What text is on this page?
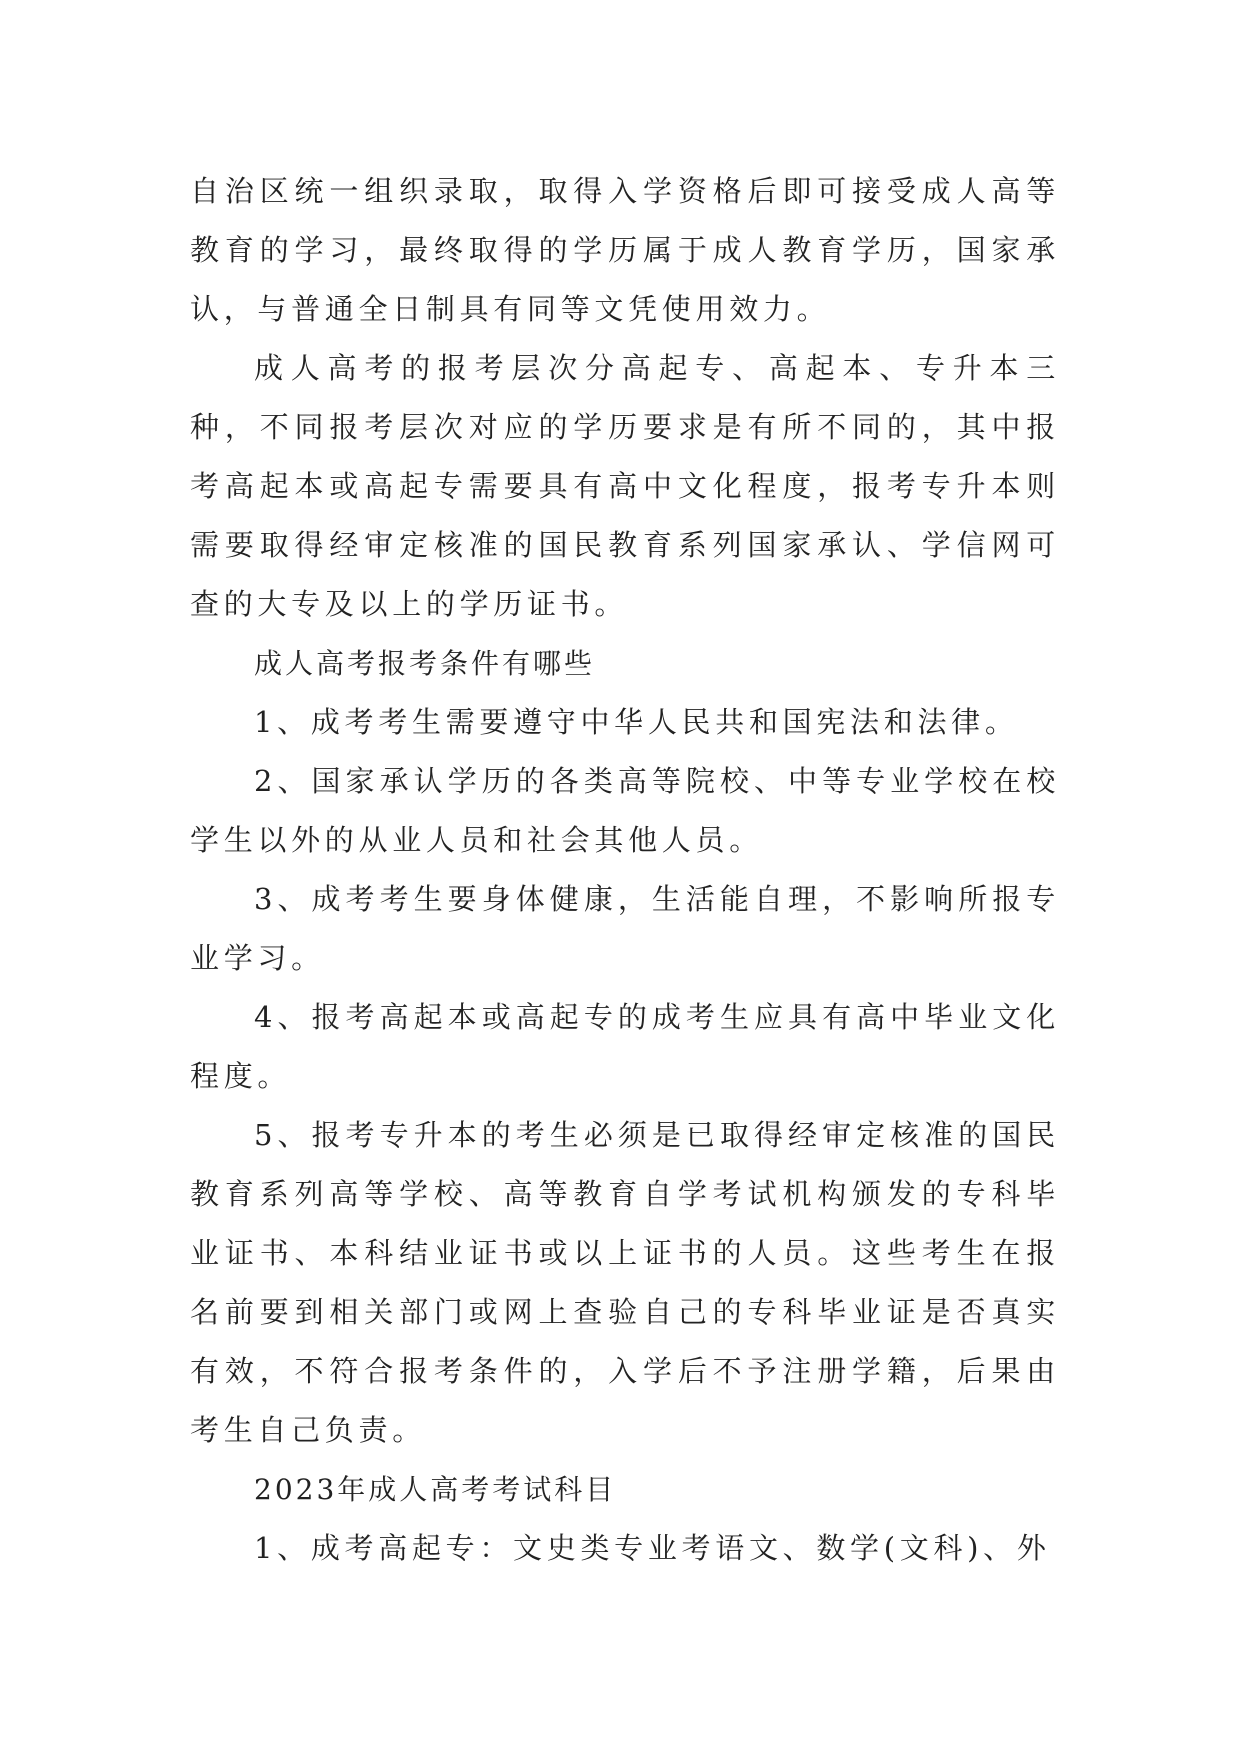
自治区统一组织录取，取得入学资格后即可接受成人高等教育的学习，最终取得的学历属于成人教育学历，国家承认，与普通全日制具有同等文凭使用效力。

成人高考的报考层次分高起专、高起本、专升本三种，不同报考层次对应的学历要求是有所不同的，其中报考高起本或高起专需要具有高中文化程度，报考专升本则需要取得经审定核准的国民教育系列国家承认、学信网可查的大专及以上的学历证书。

成人高考报考条件有哪些

1、成考考生需要遵守中华人民共和国宪法和法律。

2、国家承认学历的各类高等院校、中等专业学校在校学生以外的从业人员和社会其他人员。

3、成考考生要身体健康，生活能自理，不影响所报专业学习。

4、报考高起本或高起专的成考生应具有高中毕业文化程度。

5、报考专升本的考生必须是已取得经审定核准的国民教育系列高等学校、高等教育自学考试机构颁发的专科毕业证书、本科结业证书或以上证书的人员。这些考生在报名前要到相关部门或网上查验自己的专科毕业证是否真实有效，不符合报考条件的，入学后不予注册学籍，后果由考生自己负责。

2023年成人高考考试科目

1、成考高起专：文史类专业考语文、数学(文科)、外
